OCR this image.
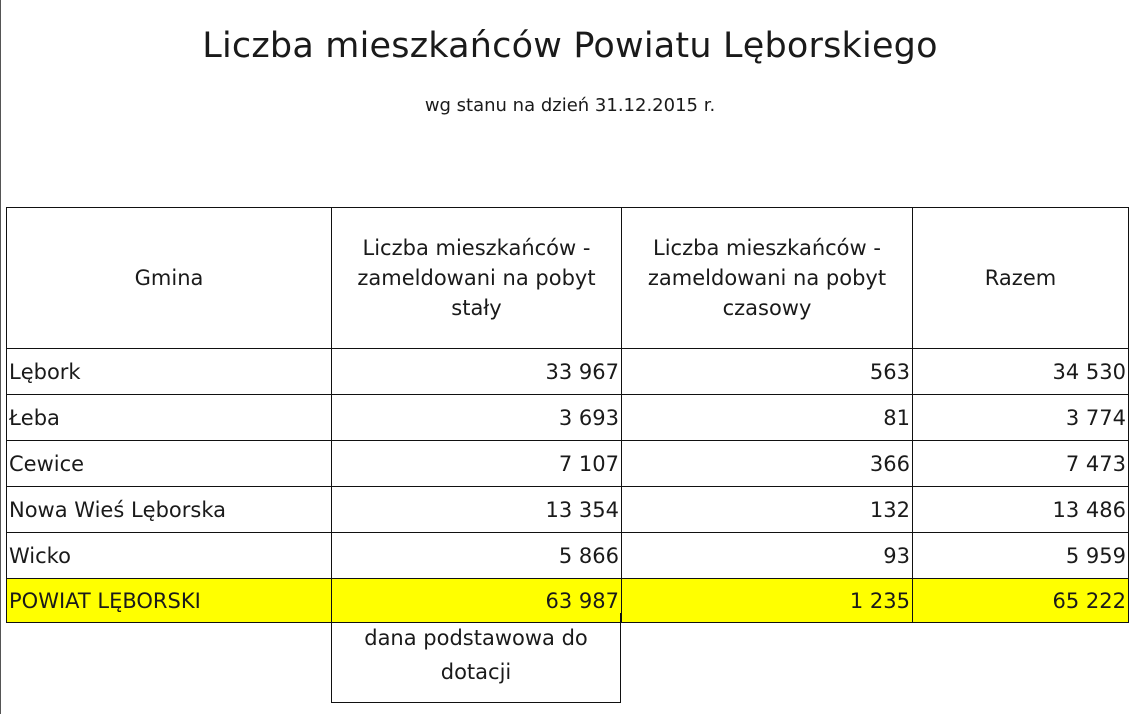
Liczba mieszkańców Powiatu Lęborskiego

wg stanu na dzień 31.12.2015 r.

Gmina	Liczba mieszkańców - zameldowani na pobyt stały	Liczba mieszkańców - zameldowani na pobyt czasowy	Razem
Lębork	33 967	563	34 530
Łeba	3 693	81	3 774
Cewice	7 107	366	7 473
Nowa Wieś Lęborska	13 354	132	13 486
Wicko	5 866	93	5 959
POWIAT LĘBORSKI	63 987	1 235	65 222
dana podstawowa do dotacji
